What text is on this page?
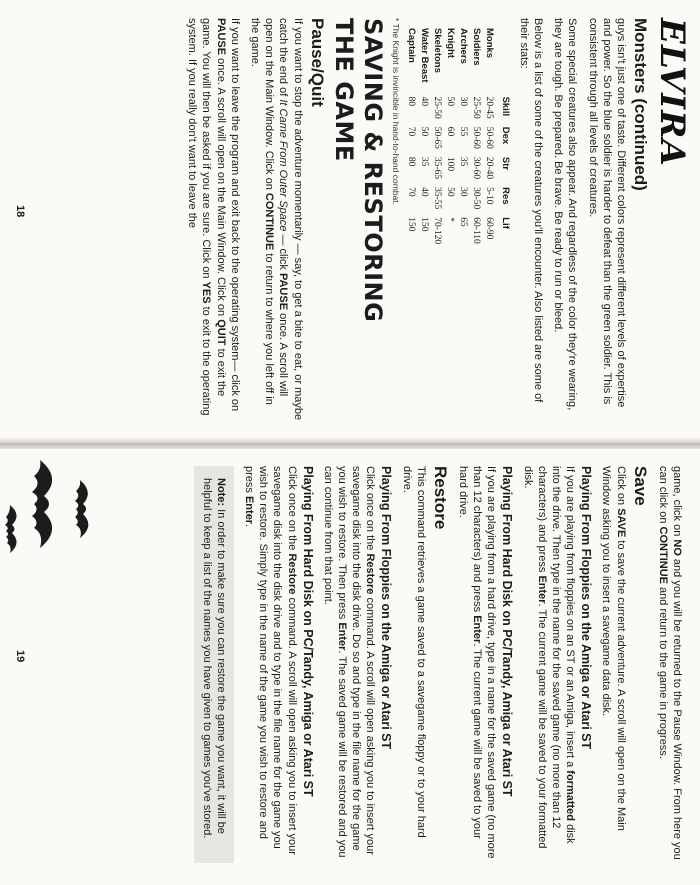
ELVIRA
Monsters (continued)

guys isn't just one of taste. Different colors represent different levels of expertise and power. So the blue soldier is harder to defeat than the green soldier. This is consistent through all levels of creatures.

Some special creatures also appear. And regardless of the color they're wearing, they are tough. Be prepared. Be brave. Be ready to run or bleed.

Below is a list of some of the creatures you'll encounter. Also listed are some of their stats:

	Skill	Dex	Str	Res	Lif
Monks	20-45	50-60	20-40	5-10	60-90
Soldiers	25-50	50-60	30-60	30-50	60-110
Archers	30	55	35	30	65
Knight	50	60	100	50	*
Skeletons	25-50	50-65	35-65	35-55	70-120
Water Beast	40	50	35	40	150
Captain	80	70	80	70	150
* The Knight is invincible in hand-to-hand combat.
SAVING & RESTORING
THE GAME
Pause/Quit

If you want to stop the adventure momentarily — say, to get a bite to eat, or maybe catch the end of It Came From Outer Space — click PAUSE once. A scroll will open on the Main Window. Click on CONTINUE to return to where you left off in the game.

If you want to leave the program and exit back to the operating system— click on PAUSE once. A scroll will open on the Main Window. Click on QUIT to exit the game. You will then be asked if you are sure. Click on YES to exit to the operating system. If you really don't want to leave the

18

game, click on NO and you will be returned to the Pause Window. From here you can click on CONTINUE and return to the game in progress.

Save

Click on SAVE to save the current adventure. A scroll will open on the Main Window asking you to insert a savegame data disk.

Playing From Floppies on the Amiga or Atari ST

If you are playing from floppies on an ST or an Amiga, insert a formatted disk into the drive. Then type in the name for the saved game (no more than 12 characters) and press Enter. The current game will be saved to your formatted disk.

Playing From Hard Disk on PC/Tandy, Amiga or Atari ST

If you are playing from a hard drive, type in a name for the saved game (no more than 12 characters) and press Enter. The current game will be saved to your hard drive.

Restore

This command retrieves a game saved to a savegame floppy or to your hard drive.

Playing From Floppies on the Amiga or Atari ST

Click once on the Restore command. A scroll will open asking you to insert your savegame disk into the disk drive. Do so and type in the file name for the game you wish to restore. Then press Enter. The saved game will be restored and you can continue from that point.

Playing From Hard Disk on PC/Tandy, Amiga or Atari ST

Click once on the Restore command. A scroll will open asking you to insert your savegame disk into the disk drive and to type in the file name for the game you wish to restore. Simply type in the name of the game you wish to restore and press Enter.

Note: In order to make sure you can restore the game you want, it will be helpful to keep a list of the names you have given to games you've stored.
19
